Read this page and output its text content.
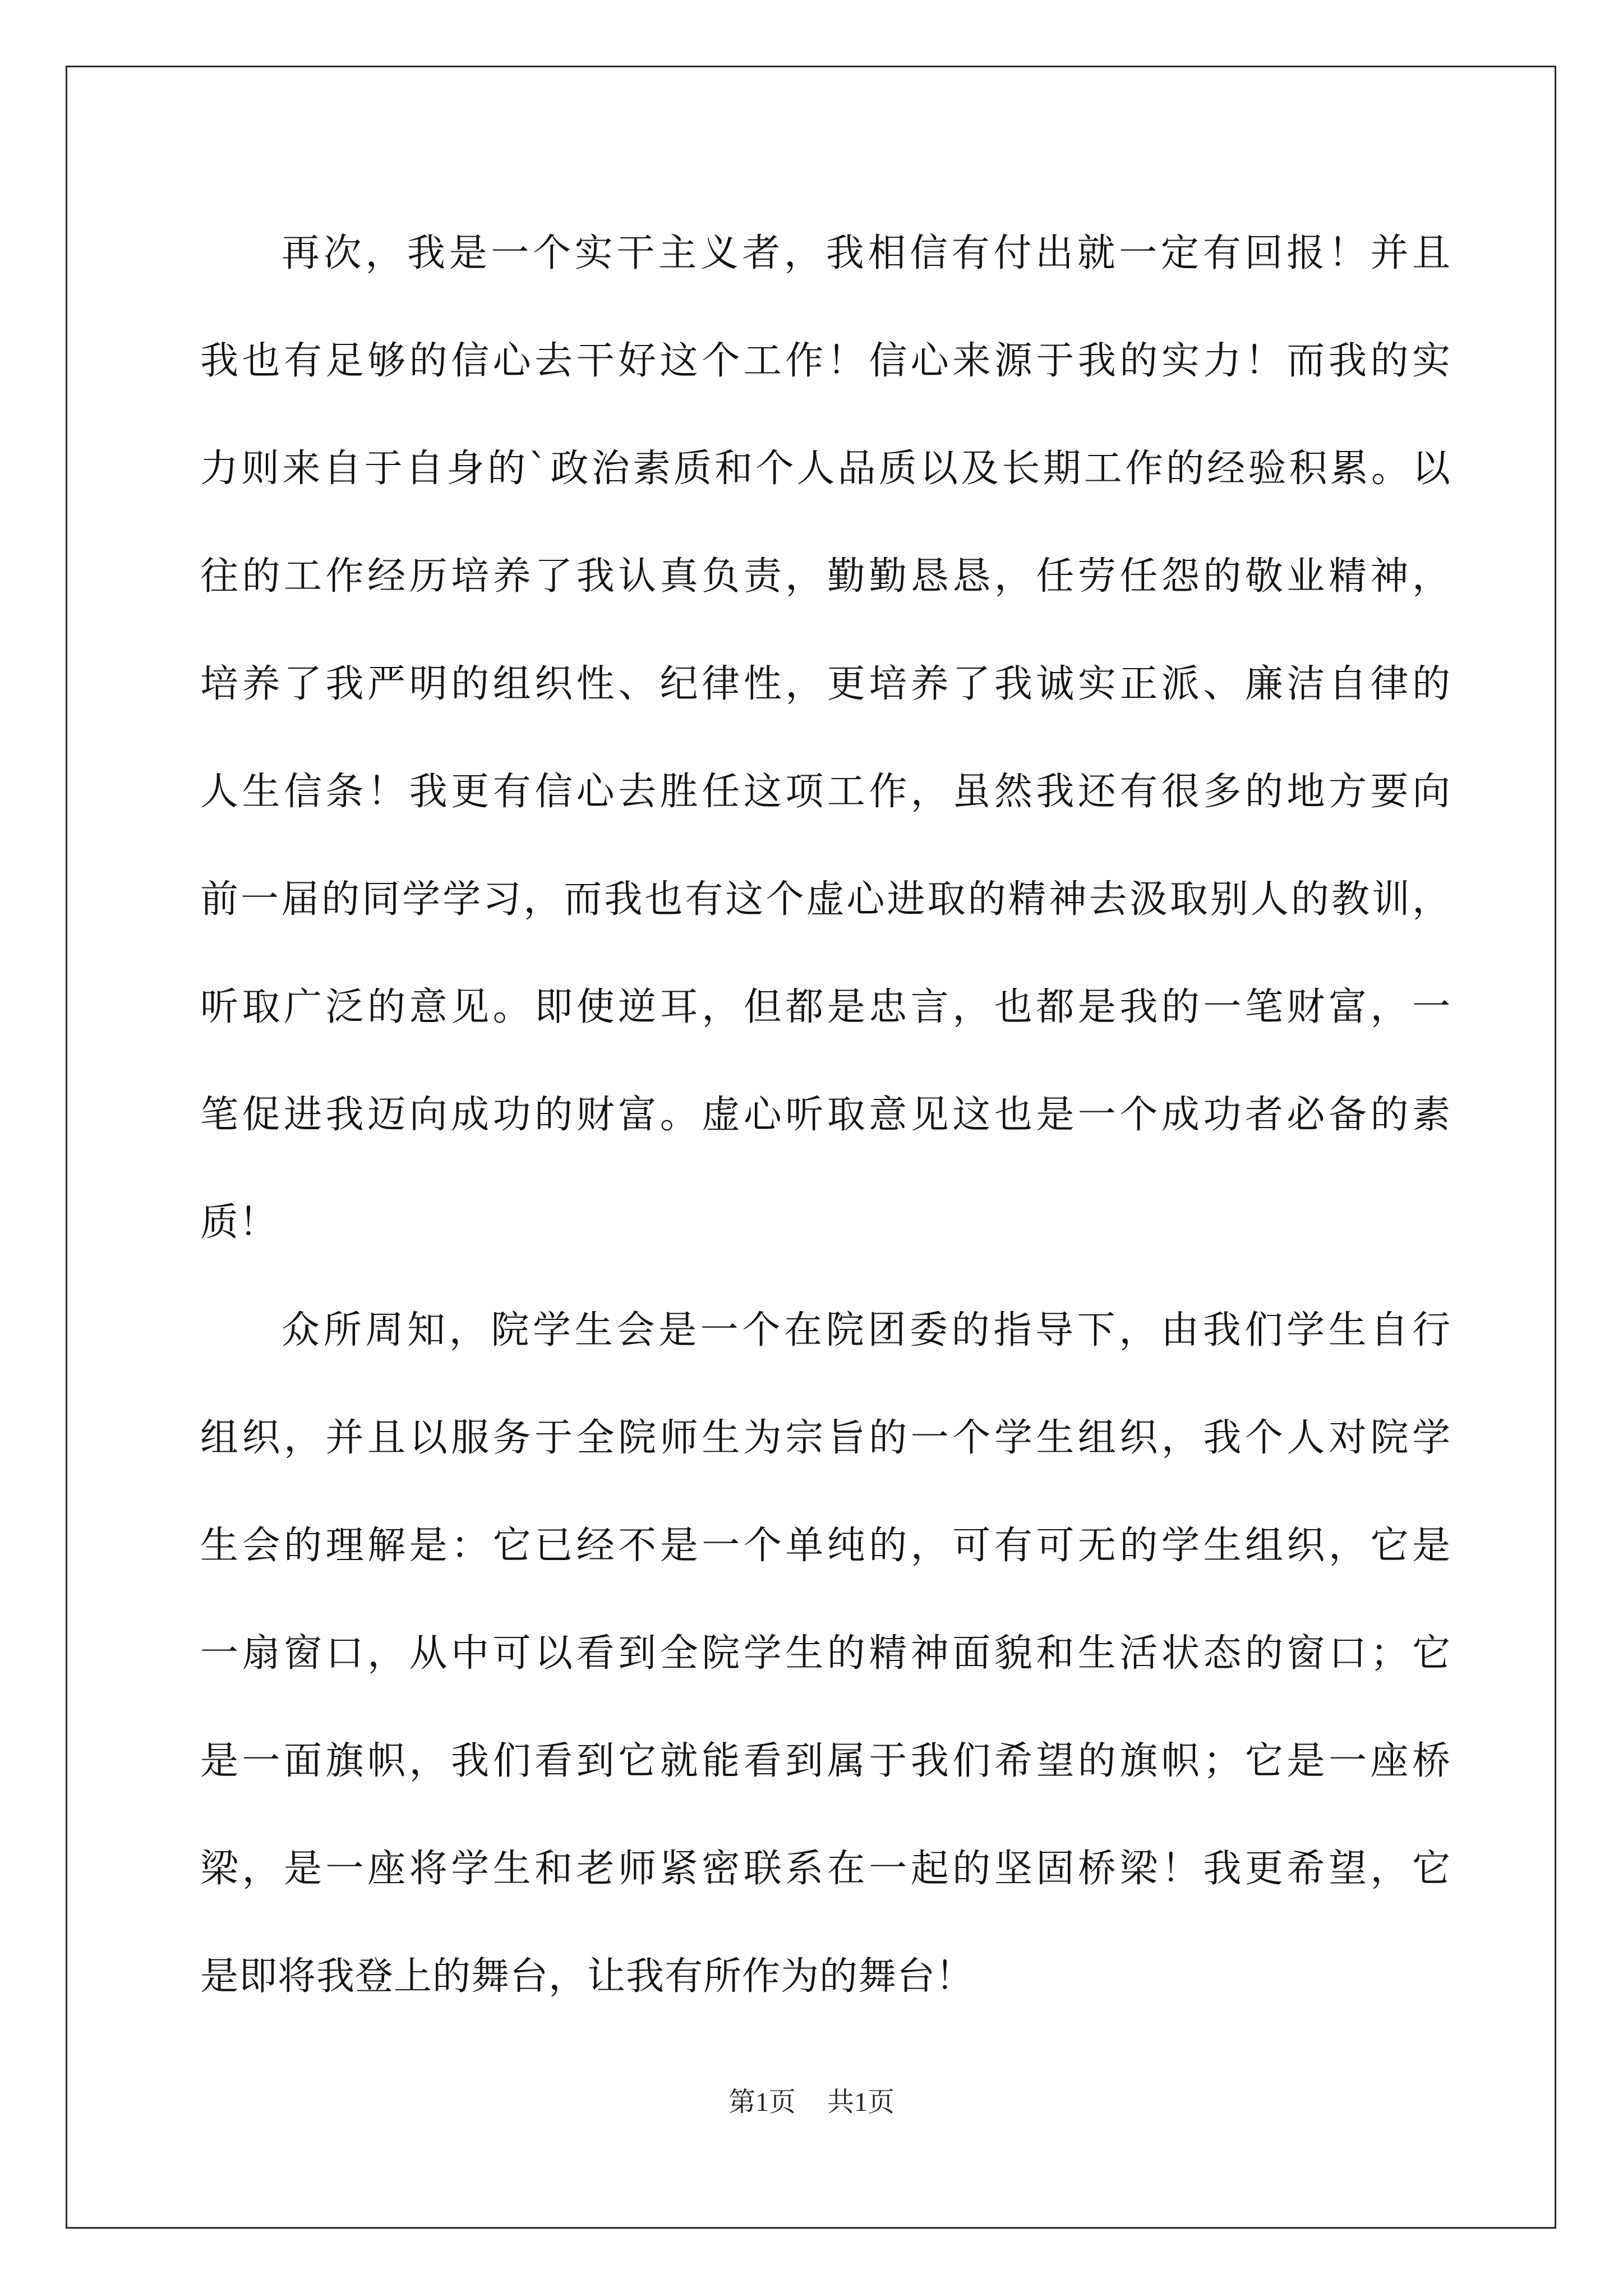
再次，我是一个实干主义者，我相信有付出就一定有回报！并且
我也有足够的信心去干好这个工作！信心来源于我的实力！而我的实
力则来自于自身的`政治素质和个人品质以及长期工作的经验积累。以
往的工作经历培养了我认真负责，勤勤恳恳，任劳任怨的敬业精神，
培养了我严明的组织性、纪律性，更培养了我诚实正派、廉洁自律的
人生信条！我更有信心去胜任这项工作，虽然我还有很多的地方要向
前一届的同学学习，而我也有这个虚心进取的精神去汲取别人的教训，
听取广泛的意见。即使逆耳，但都是忠言，也都是我的一笔财富，一
笔促进我迈向成功的财富。虚心听取意见这也是一个成功者必备的素
质！
众所周知，院学生会是一个在院团委的指导下，由我们学生自行
组织，并且以服务于全院师生为宗旨的一个学生组织，我个人对院学
生会的理解是：它已经不是一个单纯的，可有可无的学生组织，它是
一扇窗口，从中可以看到全院学生的精神面貌和生活状态的窗口；它
是一面旗帜，我们看到它就能看到属于我们希望的旗帜；它是一座桥
梁，是一座将学生和老师紧密联系在一起的坚固桥梁！我更希望，它
是即将我登上的舞台，让我有所作为的舞台！
第1页 共1页
